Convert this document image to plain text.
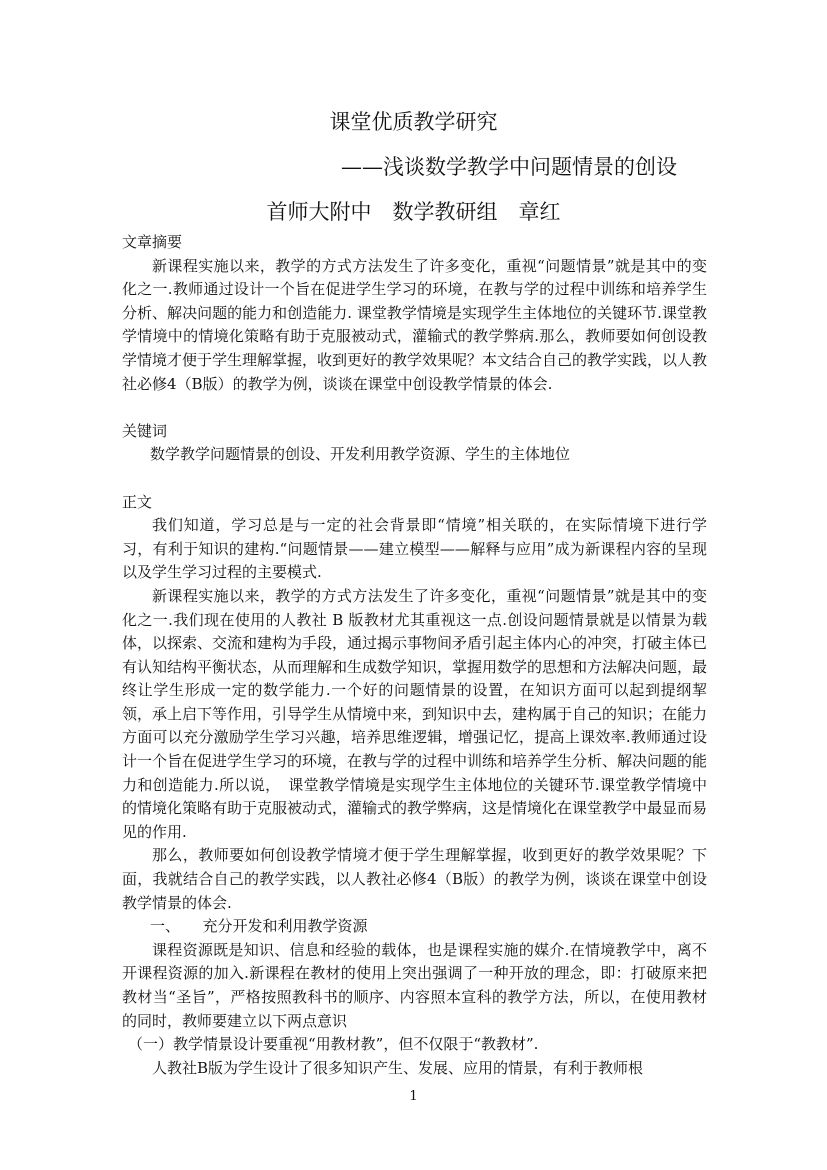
课堂优质教学研究
——浅谈数学教学中问题情景的创设
首师大附中　数学教研组　章红

文章摘要

新课程实施以来，教学的方式方法发生了许多变化，重视“问题情景”就是其中的变化之一.教师通过设计一个旨在促进学生学习的环境，在教与学的过程中训练和培养学生分析、解决问题的能力和创造能力. 课堂教学情境是实现学生主体地位的关键环节.课堂教学情境中的情境化策略有助于克服被动式，灌输式的教学弊病.那么，教师要如何创设教学情境才便于学生理解掌握，收到更好的教学效果呢？本文结合自己的教学实践，以人教社必修4（B版）的教学为例，谈谈在课堂中创设教学情景的体会.

关键词

数学教学问题情景的创设、开发利用教学资源、学生的主体地位

正文

我们知道，学习总是与一定的社会背景即“情境”相关联的，在实际情境下进行学习，有利于知识的建构.“问题情景——建立模型——解释与应用”成为新课程内容的呈现以及学生学习过程的主要模式.

新课程实施以来，教学的方式方法发生了许多变化，重视“问题情景”就是其中的变化之一.我们现在使用的人教社 B 版教材尤其重视这一点.创设问题情景就是以情景为载体，以探索、交流和建构为手段，通过揭示事物间矛盾引起主体内心的冲突，打破主体已有认知结构平衡状态，从而理解和生成数学知识，掌握用数学的思想和方法解决问题，最终让学生形成一定的数学能力.一个好的问题情景的设置，在知识方面可以起到提纲挈领，承上启下等作用，引导学生从情境中来，到知识中去，建构属于自己的知识；在能力方面可以充分激励学生学习兴趣，培养思维逻辑，增强记忆，提高上课效率.教师通过设计一个旨在促进学生学习的环境，在教与学的过程中训练和培养学生分析、解决问题的能力和创造能力.所以说，　课堂教学情境是实现学生主体地位的关键环节.课堂教学情境中的情境化策略有助于克服被动式，灌输式的教学弊病，这是情境化在课堂教学中最显而易见的作用.

那么，教师要如何创设教学情境才便于学生理解掌握，收到更好的教学效果呢？下面，我就结合自己的教学实践，以人教社必修4（B版）的教学为例，谈谈在课堂中创设教学情景的体会.

一、　　充分开发和利用教学资源

课程资源既是知识、信息和经验的载体，也是课程实施的媒介.在情境教学中，离不开课程资源的加入.新课程在教材的使用上突出强调了一种开放的理念，即：打破原来把教材当“圣旨”，严格按照教科书的顺序、内容照本宣科的教学方法，所以，在使用教材的同时，教师要建立以下两点意识

（一）教学情景设计要重视“用教材教”，但不仅限于“教教材”.

人教社B版为学生设计了很多知识产生、发展、应用的情景，有利于教师根

1
